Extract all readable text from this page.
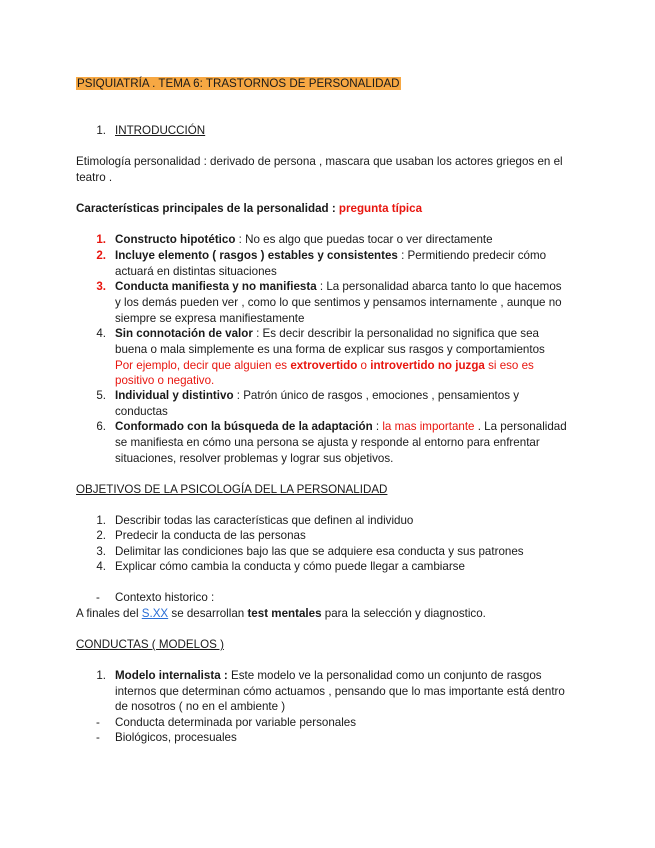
PSIQUIATRÍA . TEMA 6: TRASTORNOS DE PERSONALIDAD
1. INTRODUCCIÓN
Etimología personalidad : derivado de persona , mascara que usaban los actores griegos en el
teatro .
Características principales de la personalidad : pregunta típica
1. Constructo hipotético : No es algo que puedas tocar o ver directamente
2. Incluye elemento ( rasgos ) estables y consistentes : Permitiendo predecir cómo
actuará en distintas situaciones
3. Conducta manifiesta y no manifiesta : La personalidad abarca tanto lo que hacemos
y los demás pueden ver , como lo que sentimos y pensamos internamente , aunque no
siempre se expresa manifiestamente
4. Sin connotación de valor : Es decir describir la personalidad no significa que sea
buena o mala simplemente es una forma de explicar sus rasgos y comportamientos
Por ejemplo, decir que alguien es extrovertido o introvertido no juzga si eso es
positivo o negativo.
5. Individual y distintivo : Patrón único de rasgos , emociones , pensamientos y
conductas
6. Conformado con la búsqueda de la adaptación : la mas importante . La personalidad
se manifiesta en cómo una persona se ajusta y responde al entorno para enfrentar
situaciones, resolver problemas y lograr sus objetivos.
OBJETIVOS DE LA PSICOLOGÍA DEL LA PERSONALIDAD
1. Describir todas las características que definen al individuo
2. Predecir la conducta de las personas
3. Delimitar las condiciones bajo las que se adquiere esa conducta y sus patrones
4. Explicar cómo cambia la conducta y cómo puede llegar a cambiarse
- Contexto historico :
A finales del S.XX se desarrollan test mentales para la selección y diagnostico.
CONDUCTAS ( MODELOS )
1. Modelo internalista : Este modelo ve la personalidad como un conjunto de rasgos
internos que determinan cómo actuamos , pensando que lo mas importante está dentro
de nosotros ( no en el ambiente )
- Conducta determinada por variable personales
- Biológicos, procesuales
